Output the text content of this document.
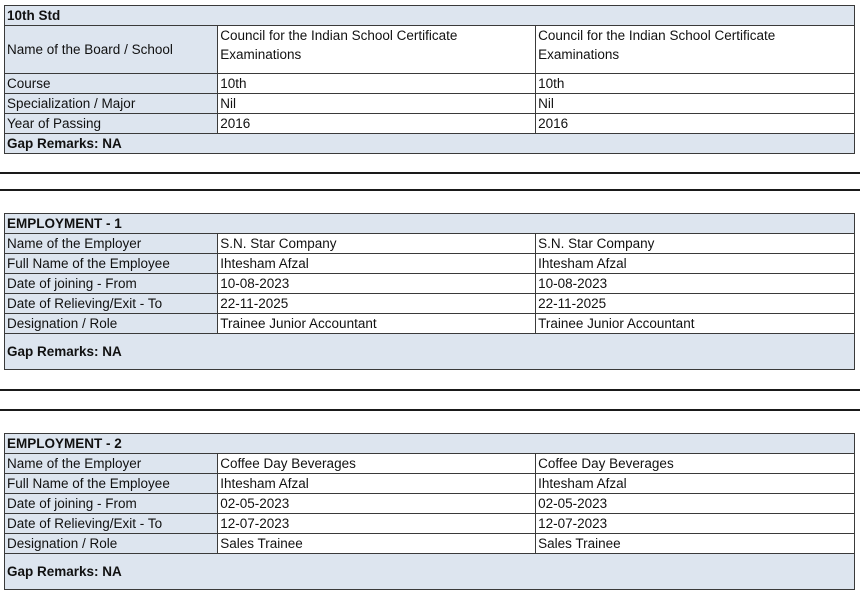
10th Std		
Name of the Board / School	Council for the Indian School Certificate Examinations	Council for the Indian School Certificate Examinations
Course	10th	10th
Specialization / Major	Nil	Nil
Year of Passing	2016	2016
Gap Remarks: NA		
EMPLOYMENT - 1		
Name of the Employer	S.N. Star Company	S.N. Star Company
Full Name of the Employee	Ihtesham Afzal	Ihtesham Afzal
Date of joining - From	10-08-2023	10-08-2023
Date of Relieving/Exit - To	22-11-2025	22-11-2025
Designation / Role	Trainee Junior Accountant	Trainee Junior Accountant
Gap Remarks: NA		
EMPLOYMENT - 2		
Name of the Employer	Coffee Day Beverages	Coffee Day Beverages
Full Name of the Employee	Ihtesham Afzal	Ihtesham Afzal
Date of joining - From	02-05-2023	02-05-2023
Date of Relieving/Exit - To	12-07-2023	12-07-2023
Designation / Role	Sales Trainee	Sales Trainee
Gap Remarks: NA		
